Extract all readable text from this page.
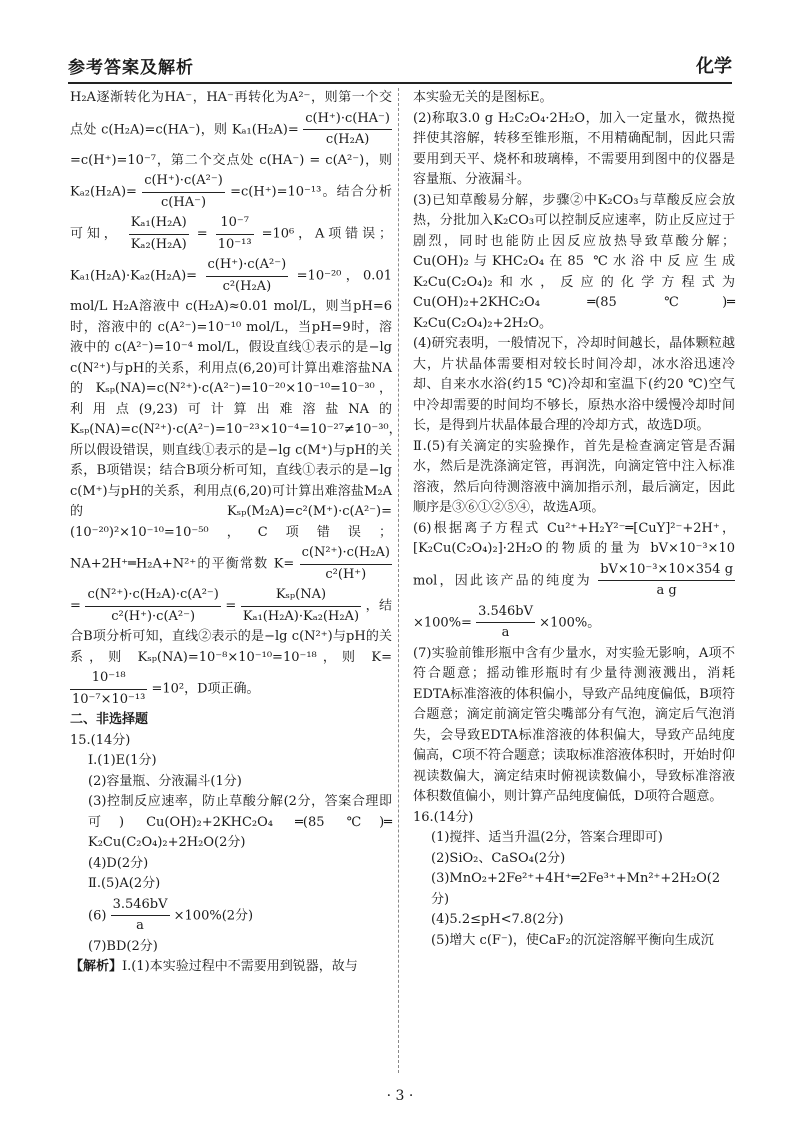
参考答案及解析	化学

H₂A逐渐转化为HA⁻，HA⁻再转化为A²⁻，则第一个交点处 c(H₂A)=c(HA⁻)，则 $K_{a1}(H_2A)= \frac{c(H^+)\cdot c(HA^-)}{\text{c(H₂A)}}$
=c(H⁺)=10⁻⁷，第二个交点处 c(HA⁻) = c(A²⁻)，则 $K_{a2}(H_2A)= \frac{\text{c(H⁺)·c(A²⁻)}}{c(HA^-)} =c(H^+)=10^{-13}$。结合分析可知， $\frac{\text{Kₐ₁(H₂A)}}{\text{Kₐ₂(H₂A)}} = \frac{\text{10⁻⁷}}{\text{10⁻¹³}} =10^6$，A项错误；$K_{a1}(H_2A)\cdot K_{a2}(H_2A)= \frac{\text{c(H⁺)·c(A²⁻)}}{\text{c²(H₂A)}} =10^{-20}$，0.01 mol/L H₂A溶液中 c(H₂A)≈0.01 mol/L，则当pH=6时，溶液中的 c(A²⁻)=10⁻¹⁰ mol/L，当pH=9时，溶液中的 c(A²⁻)=10⁻⁴ mol/L，假设直线①表示的是−lg c(N²⁺)与pH的关系，利用点(6,20)可计算出难溶盐NA的 Kₛₚ(NA)=c(N²⁺)·c(A²⁻)=10⁻²⁰×10⁻¹⁰=10⁻³⁰，利用点(9,23)可计算出难溶盐NA的 Kₛₚ(NA)=c(N²⁺)·c(A²⁻)=10⁻²³×10⁻⁴=10⁻²⁷≠10⁻³⁰，所以假设错误，则直线①表示的是−lg c(M⁺)与pH的关系，B项错误；结合B项分析可知，直线①表示的是−lg c(M⁺)与pH的关系，利用点(6,20)可计算出难溶盐M₂A的 Kₛₚ(M₂A)=c²(M⁺)·c(A²⁻)=(10⁻²⁰)²×10⁻¹⁰=10⁻⁵⁰，C项错误；NA+2H⁺═H₂A+N²⁺的平衡常数 $K= \frac{\text{c(N²⁺)·c(H₂A)}}{\text{c²(H⁺)}}$
= $\frac{\text{c(N²⁺)·c(H₂A)·c(A²⁻)}}{\text{c²(H⁺)·c(A²⁻)}} = \frac{\text{Kₛₚ(NA)}}{\text{Kₐ₁(H₂A)·Kₐ₂(H₂A)}}$ ，结合B项分析可知，直线②表示的是−lg c(N²⁺)与pH的关系，则 Kₛₚ(NA)=10⁻⁸×10⁻¹⁰=10⁻¹⁸，则 K=
$\frac{\text{10⁻¹⁸}}{\text{10⁻⁷×10⁻¹³}} =10^2$，D项正确。

二、非选择题

15.(14分)

Ⅰ.(1)E(1分)

(2)容量瓶、分液漏斗(1分)

(3)控制反应速率，防止草酸分解(2分，答案合理即可) Cu(OH)₂+2KHC₂O₄ ═(85 ℃)═ K₂Cu(C₂O₄)₂+2H₂O(2分)

(4)D(2分)

Ⅱ.(5)A(2分)

$(6) \frac{3.546bV}{a} \times 100\%(2$分)

(7)BD(2分)

【解析】Ⅰ.(1)本实验过程中不需要用到锐器，故与

本实验无关的是图标E。

(2)称取3.0 g H₂C₂O₄·2H₂O，加入一定量水，微热搅拌使其溶解，转移至锥形瓶，不用精确配制，因此只需要用到天平、烧杯和玻璃棒，不需要用到图中的仪器是容量瓶、分液漏斗。

(3)已知草酸易分解，步骤②中K₂CO₃与草酸反应会放热，分批加入K₂CO₃可以控制反应速率，防止反应过于剧烈，同时也能防止因反应放热导致草酸分解；Cu(OH)₂与KHC₂O₄在85 ℃水浴中反应生成K₂Cu(C₂O₄)₂和水，反应的化学方程式为 Cu(OH)₂+2KHC₂O₄ ═(85 ℃)═ K₂Cu(C₂O₄)₂+2H₂O。

(4)研究表明，一般情况下，冷却时间越长，晶体颗粒越大，片状晶体需要相对较长时间冷却，冰水浴迅速冷却、自来水水浴(约15 ℃)冷却和室温下(约20 ℃)空气中冷却需要的时间均不够长，原热水浴中缓慢冷却时间长，是得到片状晶体最合理的冷却方式，故选D项。

Ⅱ.(5)有关滴定的实验操作，首先是检查滴定管是否漏水，然后是洗涤滴定管，再润洗，向滴定管中注入标准溶液，然后向待测溶液中滴加指示剂，最后滴定，因此顺序是③⑥①②⑤④，故选A项。

(6)根据离子方程式 Cu²⁺+H₂Y²⁻═[CuY]²⁻+2H⁺，[K₂Cu(C₂O₄)₂]·2H₂O的物质的量为 bV×10⁻³×10 mol，因此该产品的纯度为 $\frac{\text{bV×10⁻³×10×354 g}}{\text{a g}}$
$\times 100\%= \frac{3.546bV}{a} \times 100\%$。

(7)实验前锥形瓶中含有少量水，对实验无影响，A项不符合题意；摇动锥形瓶时有少量待测液溅出，消耗EDTA标准溶液的体积偏小，导致产品纯度偏低，B项符合题意；滴定前滴定管尖嘴部分有气泡，滴定后气泡消失，会导致EDTA标准溶液的体积偏大，导致产品纯度偏高，C项不符合题意；读取标准溶液体积时，开始时仰视读数偏大，滴定结束时俯视读数偏小，导致标准溶液体积数值偏小，则计算产品纯度偏低，D项符合题意。

16.(14分)

(1)搅拌、适当升温(2分，答案合理即可)

(2)SiO₂、CaSO₄(2分)

(3)MnO₂+2Fe²⁺+4H⁺═2Fe³⁺+Mn²⁺+2H₂O(2分)

(4)5.2≤pH<7.8(2分)

(5)增大 c(F⁻)，使CaF₂的沉淀溶解平衡向生成沉

· 3 ·
